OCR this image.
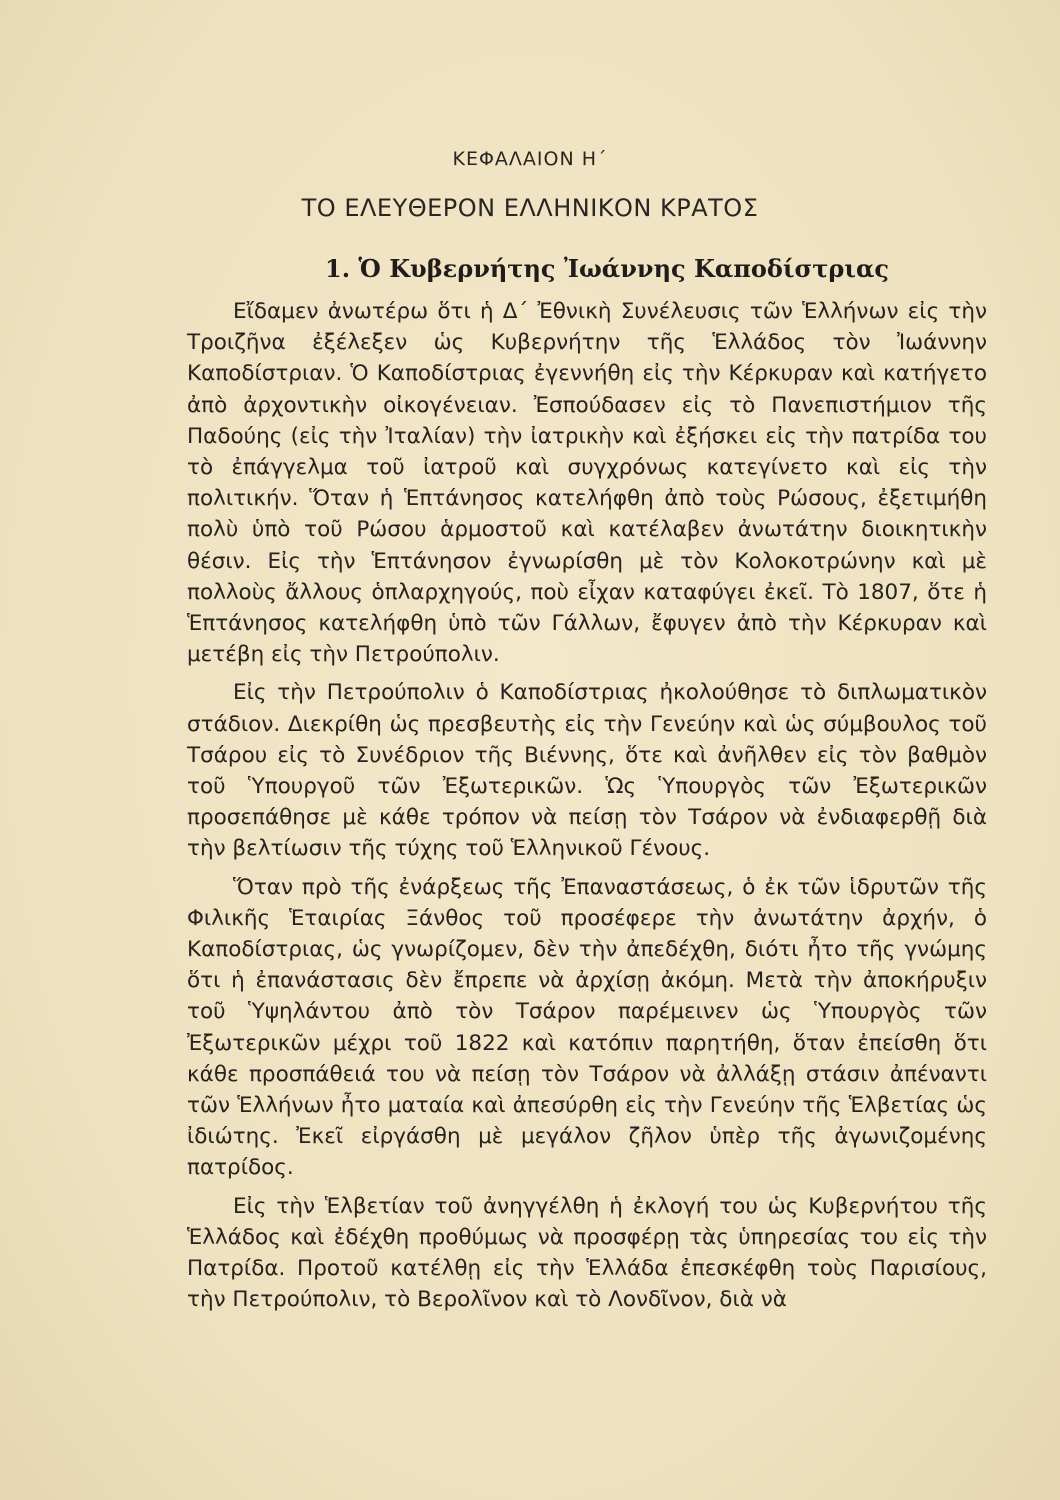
ΚΕΦΑΛΑΙΟΝ Η΄
ΤΟ ΕΛΕΥΘΕΡΟΝ ΕΛΛΗΝΙΚΟΝ ΚΡΑΤΟΣ
1. Ὁ Κυβερνήτης Ἰωάννης Καποδίστριας

Εἴδαμεν ἀνωτέρω ὅτι ἡ Δ΄ Ἐθνικὴ Συνέλευσις τῶν Ἑλλήνων εἰς τὴν Τροιζῆνα ἐξέλεξεν ὡς Κυβερνήτην τῆς Ἑλλάδος τὸν Ἰωάννην Καποδίστριαν. Ὁ Καποδίστριας ἐγεννήθη εἰς τὴν Κέρκυραν καὶ κατήγετο ἀπὸ ἀρχοντικὴν οἰκογένειαν. Ἐσπούδασεν εἰς τὸ Πανεπιστήμιον τῆς Παδούης (εἰς τὴν Ἰταλίαν) τὴν ἰατρικὴν καὶ ἐξήσκει εἰς τὴν πατρίδα του τὸ ἐπάγγελμα τοῦ ἰατροῦ καὶ συγχρόνως κατεγίνετο καὶ εἰς τὴν πολιτικήν. Ὅταν ἡ Ἑπτάνησος κατελήφθη ἀπὸ τοὺς Ρώσους, ἐξετιμήθη πολὺ ὑπὸ τοῦ Ρώσου ἁρμοστοῦ καὶ κατέλαβεν ἀνωτάτην διοικητικὴν θέσιν. Εἰς τὴν Ἑπτάνησον ἐγνωρίσθη μὲ τὸν Κολοκοτρώνην καὶ μὲ πολλοὺς ἄλλους ὁπλαρχηγούς, ποὺ εἶχαν καταφύγει ἐκεῖ. Τὸ 1807, ὅτε ἡ Ἑπτάνησος κατελήφθη ὑπὸ τῶν Γάλλων, ἔφυγεν ἀπὸ τὴν Κέρκυραν καὶ μετέβη εἰς τὴν Πετρούπολιν.

Εἰς τὴν Πετρούπολιν ὁ Καποδίστριας ἠκολούθησε τὸ διπλωματικὸν στάδιον. Διεκρίθη ὡς πρεσβευτὴς εἰς τὴν Γενεύην καὶ ὡς σύμβουλος τοῦ Τσάρου εἰς τὸ Συνέδριον τῆς Βιέννης, ὅτε καὶ ἀνῆλθεν εἰς τὸν βαθμὸν τοῦ Ὑπουργοῦ τῶν Ἐξωτερικῶν. Ὡς Ὑπουργὸς τῶν Ἐξωτερικῶν προσεπάθησε μὲ κάθε τρόπον νὰ πείσῃ τὸν Τσάρον νὰ ἐνδιαφερθῇ διὰ τὴν βελτίωσιν τῆς τύχης τοῦ Ἑλληνικοῦ Γένους.

Ὅταν πρὸ τῆς ἐνάρξεως τῆς Ἐπαναστάσεως, ὁ ἐκ τῶν ἱδρυτῶν τῆς Φιλικῆς Ἑταιρίας Ξάνθος τοῦ προσέφερε τὴν ἀνωτάτην ἀρχήν, ὁ Καποδίστριας, ὡς γνωρίζομεν, δὲν τὴν ἀπεδέχθη, διότι ἦτο τῆς γνώμης ὅτι ἡ ἐπανάστασις δὲν ἔπρεπε νὰ ἀρχίσῃ ἀκόμη. Μετὰ τὴν ἀποκήρυξιν τοῦ Ὑψηλάντου ἀπὸ τὸν Τσάρον παρέμεινεν ὡς Ὑπουργὸς τῶν Ἐξωτερικῶν μέχρι τοῦ 1822 καὶ κατόπιν παρητήθη, ὅταν ἐπείσθη ὅτι κάθε προσπάθειά του νὰ πείσῃ τὸν Τσάρον νὰ ἀλλάξῃ στάσιν ἀπέναντι τῶν Ἑλλήνων ἦτο ματαία καὶ ἀπεσύρθη εἰς τὴν Γενεύην τῆς Ἑλβετίας ὡς ἰδιώτης. Ἐκεῖ εἰργάσθη μὲ μεγάλον ζῆλον ὑπὲρ τῆς ἀγωνιζομένης πατρίδος.

Εἰς τὴν Ἑλβετίαν τοῦ ἀνηγγέλθη ἡ ἐκλογή του ὡς Κυβερνήτου τῆς Ἑλλάδος καὶ ἐδέχθη προθύμως νὰ προσφέρῃ τὰς ὑπηρεσίας του εἰς τὴν Πατρίδα. Προτοῦ κατέλθῃ εἰς τὴν Ἑλλάδα ἐπεσκέφθη τοὺς Παρισίους, τὴν Πετρούπολιν, τὸ Βερολῖνον καὶ τὸ Λονδῖνον, διὰ νὰ
